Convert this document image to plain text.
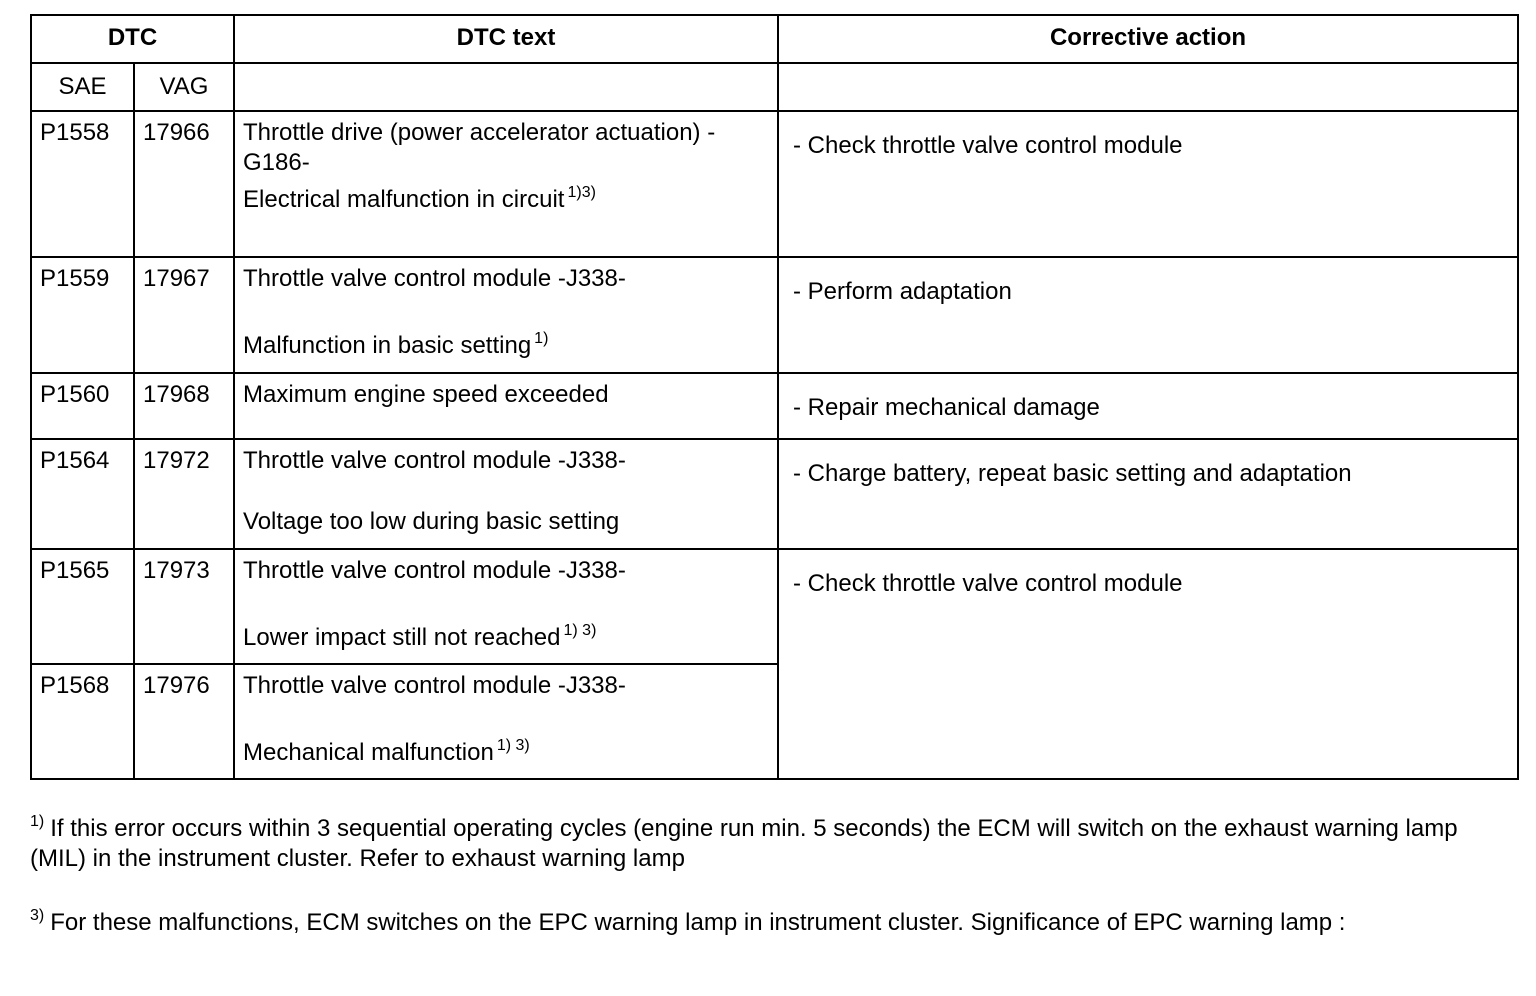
DTC		DTC text	Corrective action
SAE	VAG		
P1558	17966	Throttle drive (power accelerator actuation) - G186-
Electrical malfunction in circuit $^{1)3)}$	- Check throttle valve control module
P1559	17967	Throttle valve control module -J338-
Malfunction in basic setting $^{1)}$	- Perform adaptation
P1560	17968	Maximum engine speed exceeded	- Repair mechanical damage
P1564	17972	Throttle valve control module -J338-
Voltage too low during basic setting	- Charge battery, repeat basic setting and adaptation
P1565	17973	Throttle valve control module -J338-
Lower impact still not reached $^{1) 3)}$	- Check throttle valve control module
P1568	17976	Throttle valve control module -J338-
Mechanical malfunction $^{1) 3)}$
$^{1)}$ If this error occurs within 3 sequential operating cycles (engine run min. 5 seconds) the ECM will switch on the exhaust warning lamp (MIL) in the instrument cluster. Refer to exhaust warning lamp
$^{3)}$ For these malfunctions, ECM switches on the EPC warning lamp in instrument cluster. Significance of EPC warning lamp :
